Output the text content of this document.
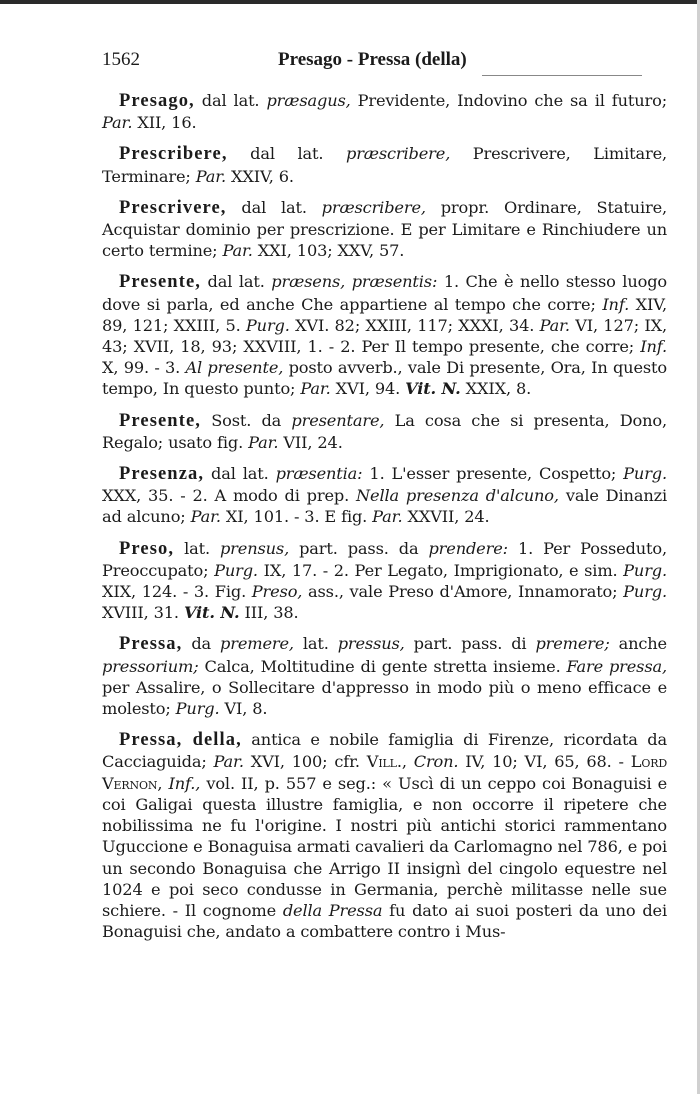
1562	Presago - Pressa (della)

Presago, dal lat. præsagus, Previdente, Indovino che sa il futuro; Par. XII, 16.

Prescribere, dal lat. præscribere, Prescrivere, Limitare, Terminare; Par. XXIV, 6.

Prescrivere, dal lat. præscribere, propr. Ordinare, Statuire, Acquistar dominio per prescrizione. E per Limitare e Rinchiudere un certo termine; Par. XXI, 103; XXV, 57.

Presente, dal lat. præsens, præsentis: 1. Che è nello stesso luogo dove si parla, ed anche Che appartiene al tempo che corre; Inf. XIV, 89, 121; XXIII, 5. Purg. XVI. 82; XXIII, 117; XXXI, 34. Par. VI, 127; IX, 43; XVII, 18, 93; XXVIII, 1. - 2. Per Il tempo presente, che corre; Inf. X, 99. - 3. Al presente, posto avverb., vale Di presente, Ora, In questo tempo, In questo punto; Par. XVI, 94. Vit. N. XXIX, 8.

Presente, Sost. da presentare, La cosa che si presenta, Dono, Regalo; usato fig. Par. VII, 24.

Presenza, dal lat. præsentia: 1. L'esser presente, Cospetto; Purg. XXX, 35. - 2. A modo di prep. Nella presenza d'alcuno, vale Dinanzi ad alcuno; Par. XI, 101. - 3. E fig. Par. XXVII, 24.

Preso, lat. prensus, part. pass. da prendere: 1. Per Posseduto, Preoccupato; Purg. IX, 17. - 2. Per Legato, Imprigionato, e sim. Purg. XIX, 124. - 3. Fig. Preso, ass., vale Preso d'Amore, Innamorato; Purg. XVIII, 31. Vit. N. III, 38.

Pressa, da premere, lat. pressus, part. pass. di premere; anche pressorium; Calca, Moltitudine di gente stretta insieme. Fare pressa, per Assalire, o Sollecitare d'appresso in modo più o meno efficace e molesto; Purg. VI, 8.

Pressa, della, antica e nobile famiglia di Firenze, ricordata da Cacciaguida; Par. XVI, 100; cfr. Vill., Cron. IV, 10; VI, 65, 68. - Lord Vernon, Inf., vol. II, p. 557 e seg.: « Uscì di un ceppo coi Bonaguisi e coi Galigai questa illustre famiglia, e non occorre il ripetere che nobilissima ne fu l'origine. I nostri più antichi storici rammentano Uguccione e Bonaguisa armati cavalieri da Carlomagno nel 786, e poi un secondo Bonaguisa che Arrigo II insignì del cingolo equestre nel 1024 e poi seco condusse in Germania, perchè militasse nelle sue schiere. - Il cognome della Pressa fu dato ai suoi posteri da uno dei Bonaguisi che, andato a combattere contro i Mus-
